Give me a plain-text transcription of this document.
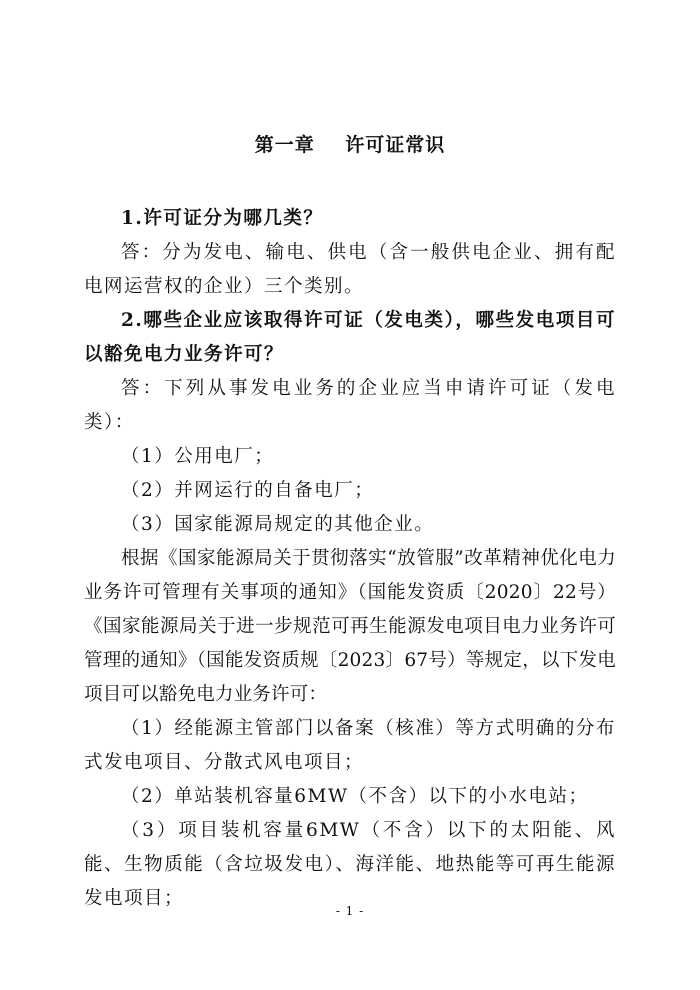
第一章    许可证常识

1.许可证分为哪几类？

答：分为发电、输电、供电（含一般供电企业、拥有配电网运营权的企业）三个类别。

2.哪些企业应该取得许可证（发电类），哪些发电项目可以豁免电力业务许可？

答：下列从事发电业务的企业应当申请许可证（发电类）：

（1）公用电厂；

（2）并网运行的自备电厂；

（3）国家能源局规定的其他企业。

根据《国家能源局关于贯彻落实“放管服”改革精神优化电力业务许可管理有关事项的通知》（国能发资质〔2020〕22号）《国家能源局关于进一步规范可再生能源发电项目电力业务许可管理的通知》（国能发资质规〔2023〕67号）等规定，以下发电项目可以豁免电力业务许可：

（1）经能源主管部门以备案（核准）等方式明确的分布式发电项目、分散式风电项目；

（2）单站装机容量6MW（不含）以下的小水电站；

（3）项目装机容量6MW（不含）以下的太阳能、风能、生物质能（含垃圾发电）、海洋能、地热能等可再生能源发电项目；

- 1 -
